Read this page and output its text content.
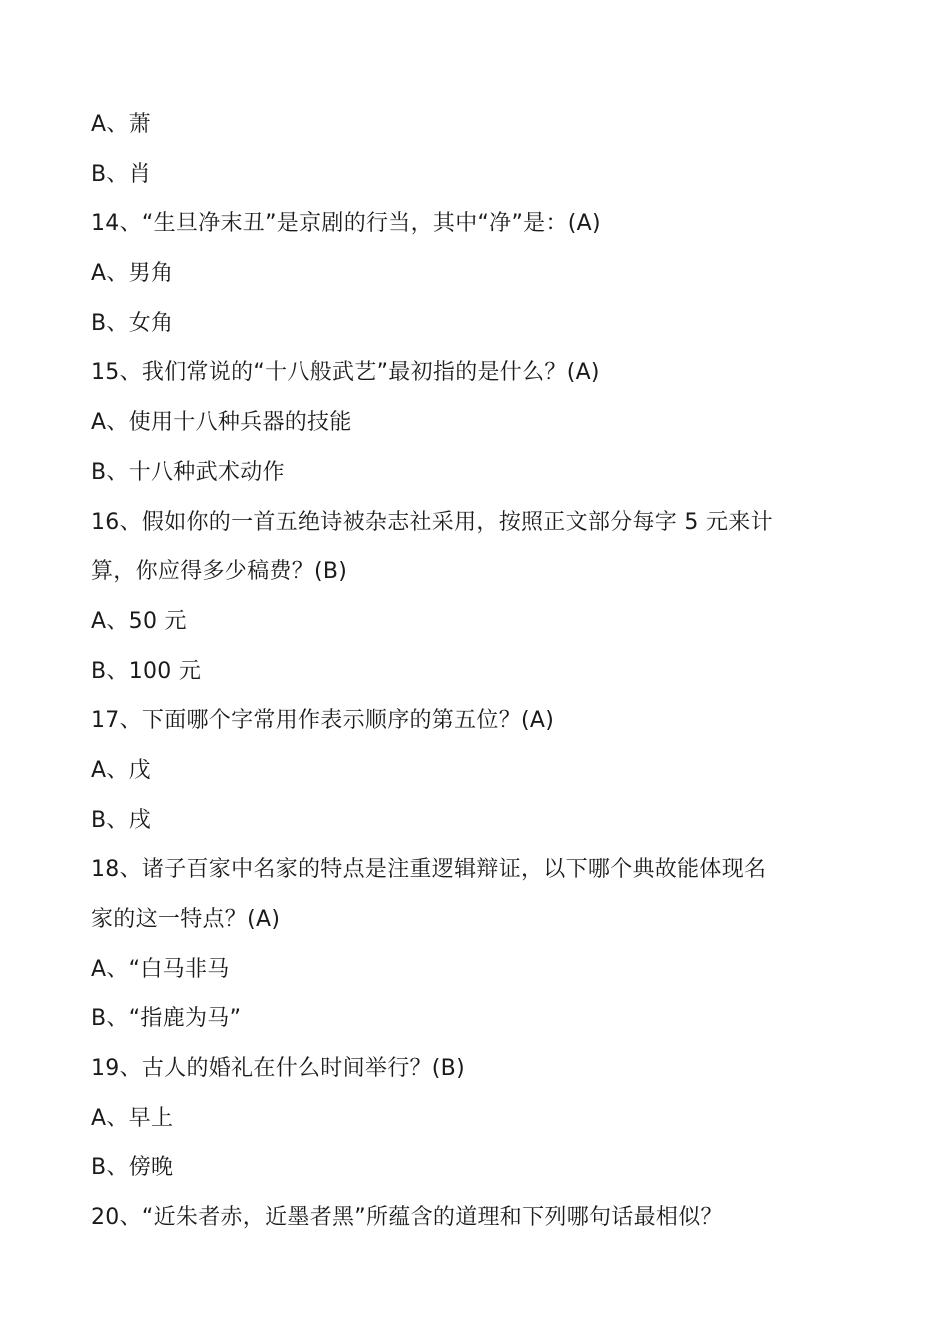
A、萧
B、肖
14、“生旦净末丑”是京剧的行当，其中“净”是：(A)
A、男角
B、女角
15、我们常说的“十八般武艺”最初指的是什么？(A)
A、使用十八种兵器的技能
B、十八种武术动作
16、假如你的一首五绝诗被杂志社采用，按照正文部分每字 5 元来计
算，你应得多少稿费？(B)
A、50 元
B、100 元
17、下面哪个字常用作表示顺序的第五位？(A)
A、戊
B、戌
18、诸子百家中名家的特点是注重逻辑辩证，以下哪个典故能体现名
家的这一特点？(A)
A、“白马非马
B、“指鹿为马”
19、古人的婚礼在什么时间举行？(B)
A、早上
B、傍晚
20、“近朱者赤，近墨者黑”所蕴含的道理和下列哪句话最相似？
